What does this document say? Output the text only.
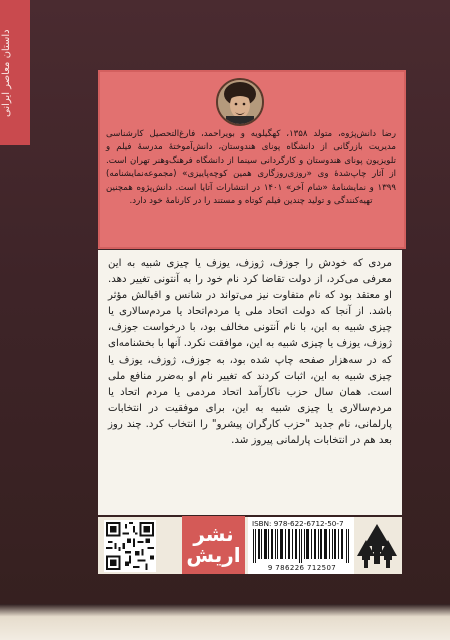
داستان معاصر ایرانی
رضا دانش‌پژوه، متولد ۱۳۵۸، کهگیلویه و بویراحمد، فارغ‌التحصیل کارشناسی مدیریت بازرگانی از دانشگاه پونای هندوستان، دانش‌آموختهٔ مدرسهٔ فیلم و تلویزیون پونای هندوستان و کارگردانی سینما از دانشگاه فرهنگ‌وهنر تهران است. از آثار چاپ‌شدهٔ وی «روزی‌روزگاری همین کوچه‌پاییزی» (مجموعه‌نمایشنامه) ۱۳۹۹ و نمایشنامهٔ «شام آخر» ۱۴۰۱ در انتشارات آتایا است. دانش‌پژوه همچنین تهیه‌کنندگی و تولید چندین فیلم کوتاه و مستند را در کارنامهٔ خود دارد.
مردی که خودش را جوزف، ژوزف، یوزف یا چیزی شبیه به این معرفی می‌کرد، از دولت تقاضا کرد نام خود را به آنتونی تغییر دهد. او معتقد بود که نام متفاوت نیز می‌تواند در شانس و اقبالش مؤثر باشد. از آنجا که دولت اتحاد ملی یا مردم‌اتحاد یا مردم‌سالاری یا چیزی شبیه به این، با نام آنتونی مخالف بود، با درخواست جوزف، ژوزف، یوزف یا چیزی شبیه به این، موافقت نکرد. آنها با بخشنامه‌ای که در سه‌هزار صفحه چاپ شده بود، به جوزف، ژوزف، یوزف یا چیزی شبیه به این، اثبات کردند که تغییر نام او به‌ضرر منافع ملی است. همان سال حزب ناکارآمد اتحاد مردمی یا مردم اتحاد یا مردم‌سالاری یا چیزی شبیه به این، برای موفقیت در انتخابات پارلمانی، نام جدید "حزب کارگران پیشرو" را انتخاب کرد. چند روز بعد هم در انتخابات پارلمانی پیروز شد.
نشر
اریش
ISBN: 978-622-6712-50-7
9 786226 712507
